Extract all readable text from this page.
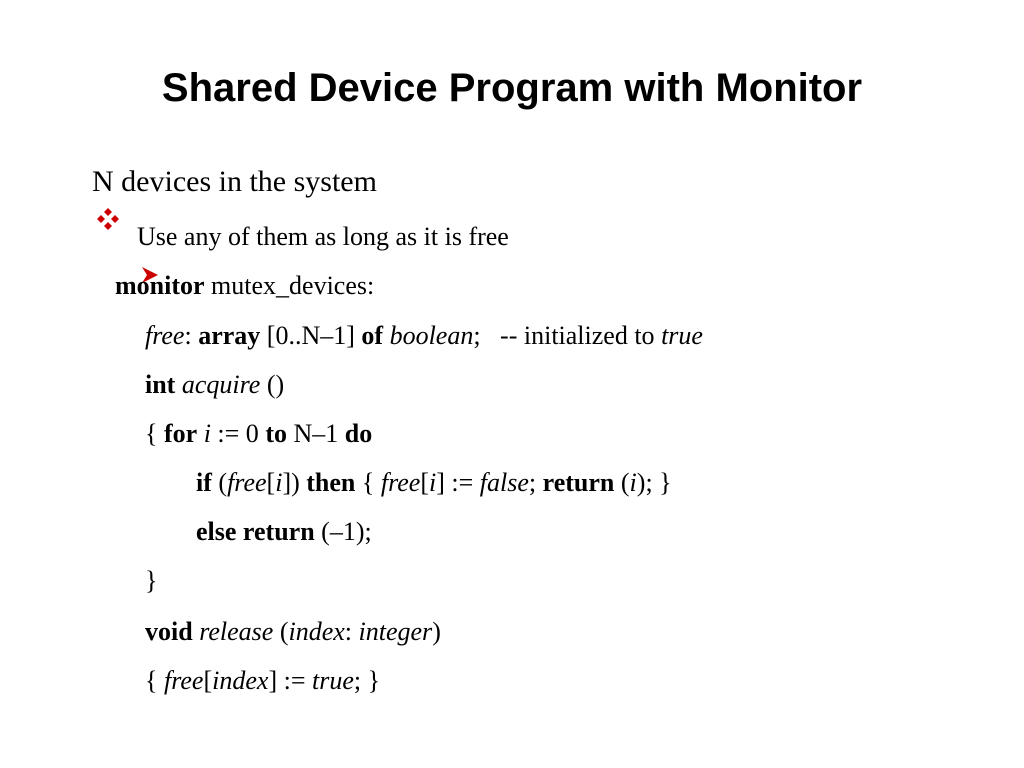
Shared Device Program with Monitor

N devices in the system

Use any of them as long as it is free
monitor mutex_devices:
free: array [0..N–1] of boolean;   -- initialized to true
int acquire ()
{ for i := 0 to N–1 do
if (free[i]) then { free[i] := false; return (i); }
else return (–1);
}
void release (index: integer)
{ free[index] := true; }
